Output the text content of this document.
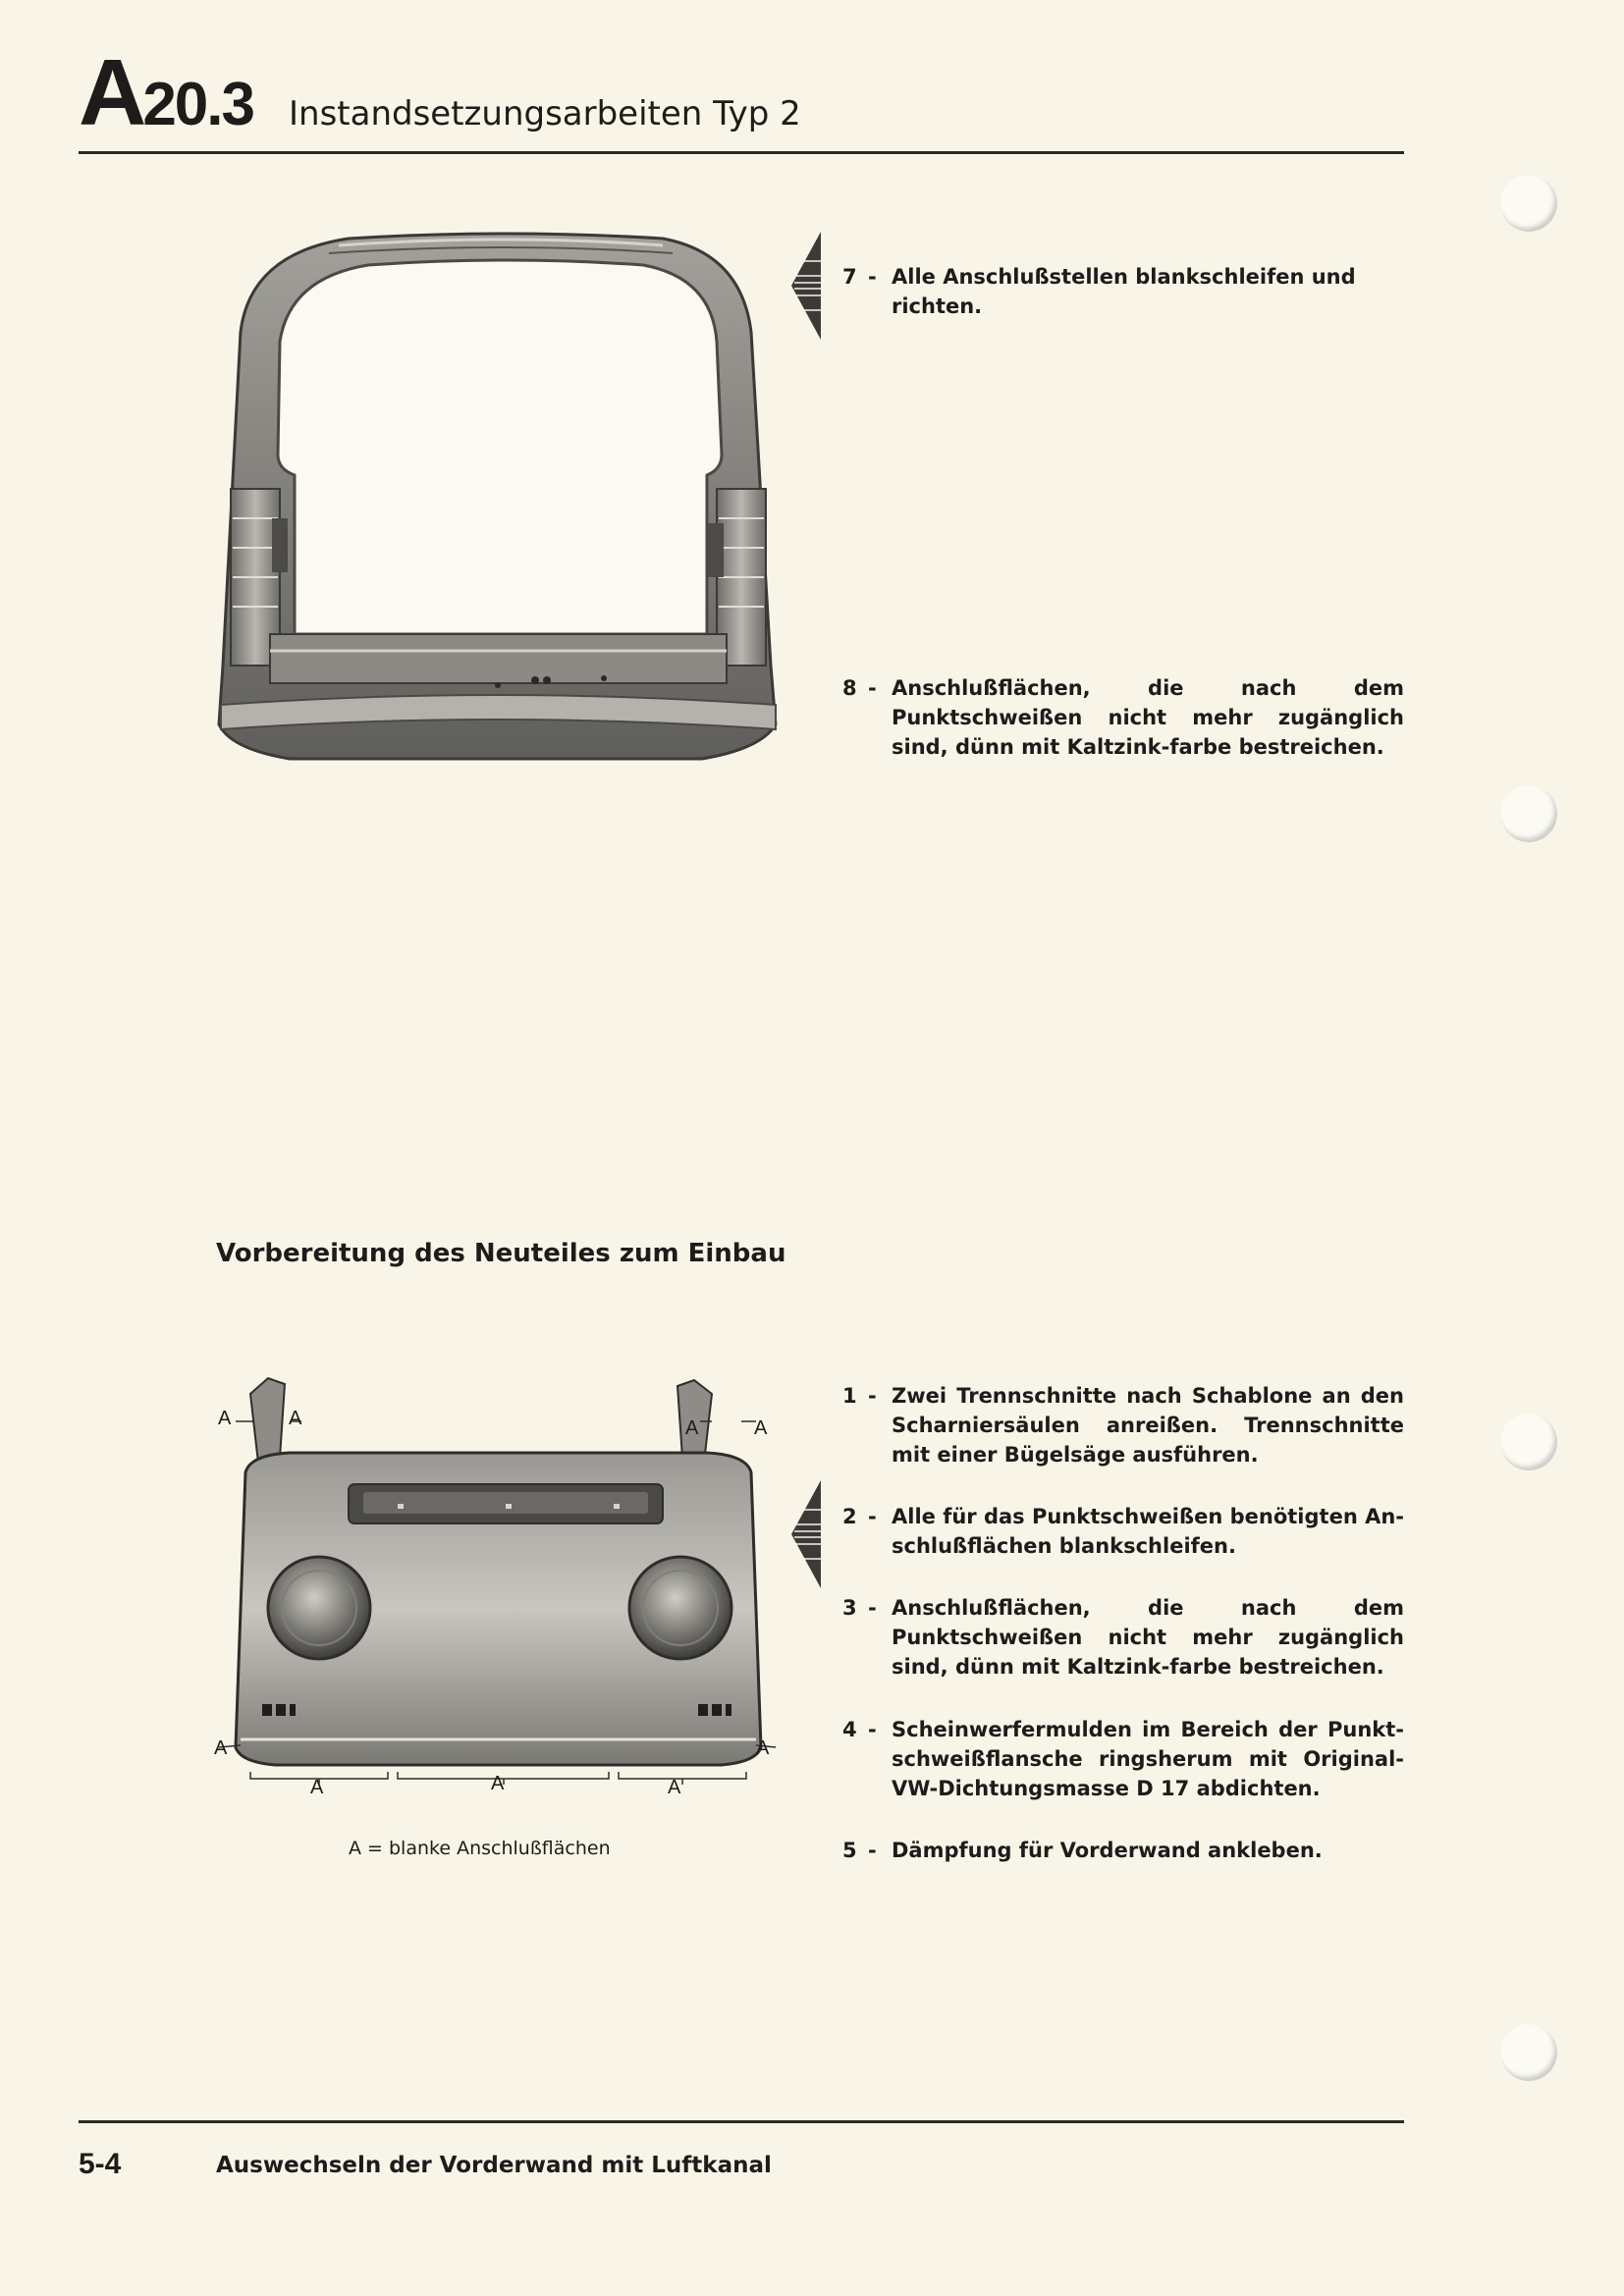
A20.3 Instandsetzungsarbeiten Typ 2
7 - Alle Anschlußstellen blankschleifen und richten.
8 - Anschlußflächen, die nach dem Punktschweißen nicht mehr zugänglich sind, dünn mit Kaltzink-farbe bestreichen.
Vorbereitung des Neuteiles zum Einbau
A	A	A	A
A	A
A	A	A
A = blanke Anschlußflächen
1 - Zwei Trennschnitte nach Schablone an den Scharniersäulen anreißen. Trennschnitte mit einer Bügelsäge ausführen.
2 - Alle für das Punktschweißen benötigten An-schlußflächen blankschleifen.
3 - Anschlußflächen, die nach dem Punktschweißen nicht mehr zugänglich sind, dünn mit Kaltzink-farbe bestreichen.
4 - Scheinwerfermulden im Bereich der Punkt-schweißflansche ringsherum mit Original-VW-Dichtungsmasse D 17 abdichten.
5 - Dämpfung für Vorderwand ankleben.
5-4	Auswechseln der Vorderwand mit Luftkanal
